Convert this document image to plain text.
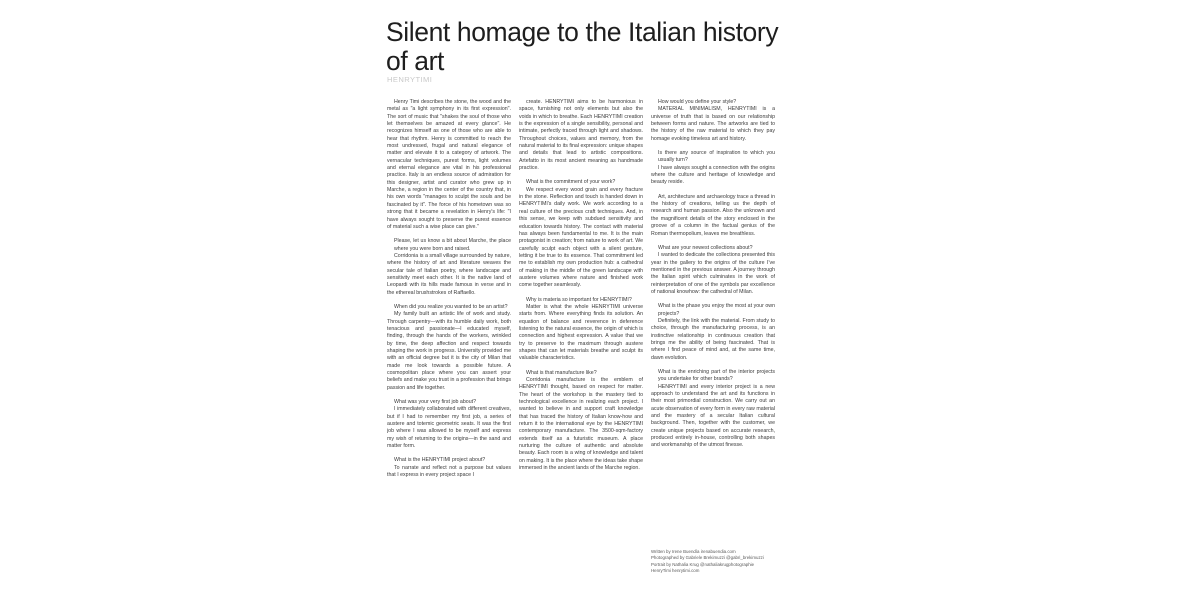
Silent homage to the Italian history of art
HENRYTIMI

Henry Timi describes the stone, the wood and the metal as "a light symphony in its first expression". The sort of music that "shakes the soul of those who let themselves be amazed at every glance". He recognizes himself as one of those who are able to hear that rhythm. Henry is committed to reach the most undressed, frugal and natural elegance of matter and elevate it to a category of artwork. The vernacular techniques, purest forms, light volumes and eternal elegance are vital in his professional practice. Italy is an endless source of admiration for this designer, artist and curator who grew up in Marche, a region in the center of the country that, in his own words "manages to sculpt the souls and be fascinated by it". The force of his hometown was so strong that it became a revelation in Henry's life: "I have always sought to preserve the purest essence of material such a wise place can give."

Please, let us know a bit about Marche, the place where you were born and raised.

Corridonia is a small village surrounded by nature, where the history of art and literature weaves the secular tale of Italian poetry, where landscape and sensitivity meet each other. It is the native land of Leopardi with its hills made famous in verse and in the ethereal brushstrokes of Raffaello.

When did you realize you wanted to be an artist?

My family built an artistic life of work and study. Through carpentry—with its humble daily work, both tenacious and passionate—I educated myself, finding, through the hands of the workers, wrinkled by time, the deep affection and respect towards shaping the work in progress. University provided me with an official degree but it is the city of Milan that made me look towards a possible future. A cosmopolitan place where you can assert your beliefs and make you trust in a profession that brings passion and life together.

What was your very first job about?

I immediately collaborated with different creatives, but if I had to remember my first job, a series of austere and totemic geometric seats. It was the first job where I was allowed to be myself and express my wish of returning to the origins—in the sand and matter form.

What is the HENRYTIMI project about?

To narrate and reflect not a purpose but values that I express in every project space I

create. HENRYTIMI aims to be harmonious in space, furnishing not only elements but also the voids in which to breathe. Each HENRYTIMI creation is the expression of a single sensibility, personal and intimate, perfectly traced through light and shadows. Throughout choices, values and memory, from the natural material to its final expression: unique shapes and details that lead to artistic compositions. Artefatto in its most ancient meaning as handmade practice.

What is the commitment of your work?

We respect every wood grain and every fracture in the stone. Reflection and touch is handed down in HENRYTIMI's daily work. We work according to a real culture of the precious craft techniques. And, in this sense, we keep with subdued sensitivity and education towards history. The contact with material has always been fundamental to me. It is the main protagonist in creation; from nature to work of art. We carefully sculpt each object with a silent gesture, letting it be true to its essence. That commitment led me to establish my own production hub: a cathedral of making in the middle of the green landscape with austere volumes where nature and finished work come together seamlessly.

Why is materia so important for HENRYTIMI?

Matter is what the whole HENRYTIMI universe starts from. Where everything finds its solution. An equation of balance and reverence in deference listening to the natural essence, the origin of which is connection and highest expression. A value that we try to preserve to the maximum through austere shapes that can let materials breathe and sculpt its valuable characteristics.

What is that manufacture like?

Corridonia manufacture is the emblem of HENRYTIMI thought, based on respect for matter. The heart of the workshop is the mastery tied to technological excellence in realizing each project. I wanted to believe in and support craft knowledge that has traced the history of Italian know-how and return it to the international eye by the HENRYTIMI contemporary manufacture. The 3500-sqm-factory extends itself as a futuristic museum. A place nurturing the culture of authentic and absolute beauty. Each room is a wing of knowledge and talent on making. It is the place where the ideas take shape immersed in the ancient lands of the Marche region.

How would you define your style?

MATERIAL MINIMALISM, HENRYTIMI is a universe of truth that is based on our relationship between forms and nature. The artworks are tied to the history of the raw material to which they pay homage evoking timeless art and history.

Is there any source of inspiration to which you usually turn?

I have always sought a connection with the origins where the culture and heritage of knowledge and beauty reside.

Art, architecture and archaeology trace a thread in the history of creations, telling us the depth of research and human passion. Also the unknown and the magnificent details of the story enclosed in the groove of a column in the factual genius of the Roman thermopolium, leaves me breathless.

What are your newest collections about?

I wanted to dedicate the collections presented this year in the gallery to the origins of the culture I've mentioned in the previous answer. A journey through the Italian spirit which culminates in the work of reinterpretation of one of the symbols par excellence of national knowhow: the cathedral of Milan.

What is the phase you enjoy the most at your own projects?

Definitely, the link with the material. From study to choice, through the manufacturing process, is an instinctive relationship in continuous creation that brings me the ability of being fascinated. That is where I find peace of mind and, at the same time, dawn evolution.

What is the enriching part of the interior projects you undertake for other brands?

HENRYTIMI and every interior project is a new approach to understand the art and its functions in their most primordial construction. We carry out an acute observation of every form in every raw material and the mastery of a secular Italian cultural background. Then, together with the customer, we create unique projects based on accurate research, produced entirely in-house, controlling both shapes and workmanship of the utmost finesse.

Written by Irene Buendía irenabuendia.com
Photographed by Gabriele Brekimuzzi @gabri_brekimuzzi
Portrait by Nathalia Krug @nathaliakrugphotographie
HenryTimi henrytimi.com
